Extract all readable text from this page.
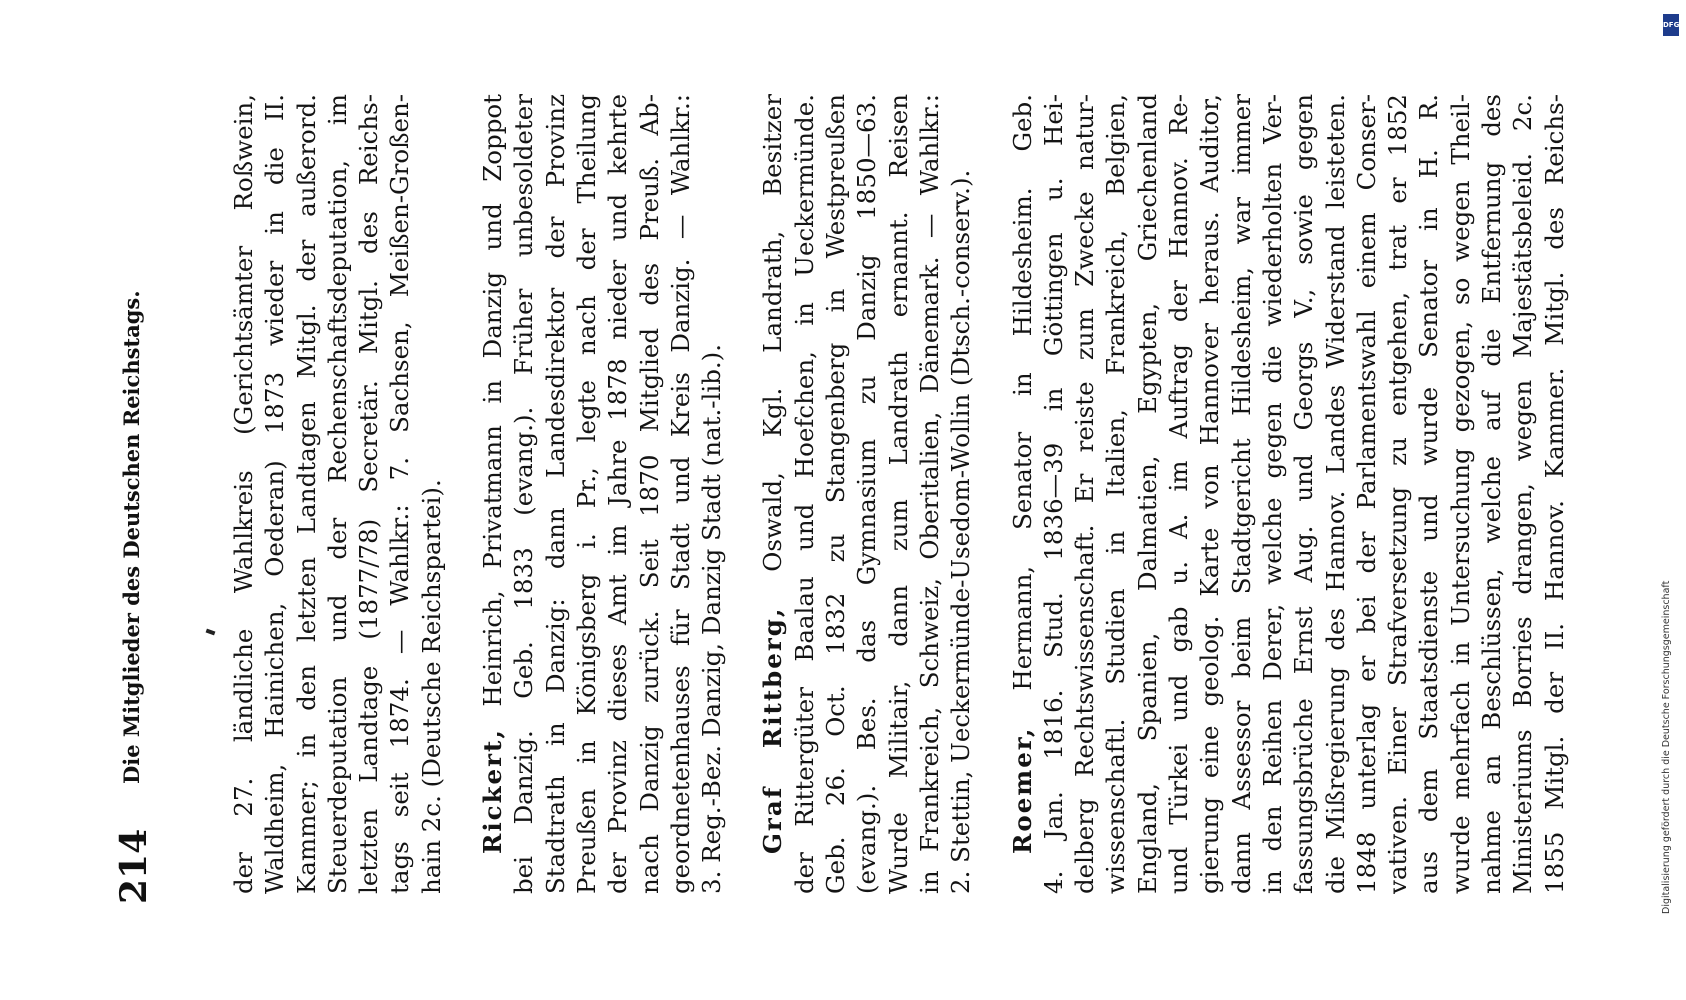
214
Die Mitglieder des Deutschen Reichstags.	der 27. ländliche Wahlkreis (Gerichtsämter Roßwein, Waldheim, Hainichen, Oederan) 1873 wieder in die II. Kammer; in den letzten Landtagen Mitgl. der außerord. Steuerdeputation und der Rechenschaftsdeputation, im letzten Landtage (1877/78) Secretär. Mitgl. des Reichs- tags seit 1874. — Wahlkr.: 7. Sachsen, Meißen-Großen- hain 2c. (Deutsche Reichspartei). Rickert, Heinrich, Privatmann in Danzig und Zoppot bei Danzig. Geb. 1833 (evang.). Früher unbesoldeter Stadtrath in Danzig: dann Landesdirektor der Provinz Preußen in Königsberg i. Pr., legte nach der Theilung der Provinz dieses Amt im Jahre 1878 nieder und kehrte nach Danzig zurück. Seit 1870 Mitglied des Preuß. Ab- geordnetenhauses für Stadt und Kreis Danzig. — Wahlkr.: 3. Reg.-Bez. Danzig, Danzig Stadt (nat.-lib.). Graf Rittberg, Oswald, Kgl. Landrath, Besitzer der Rittergüter Baalau und Hoefchen, in Ueckermünde. Geb. 26. Oct. 1832 zu Stangenberg in Westpreußen (evang.). Bes. das Gymnasium zu Danzig 1850—63. Wurde Militair, dann zum Landrath ernannt. Reisen in Frankreich, Schweiz, Oberitalien, Dänemark. — Wahlkr.: 2. Stettin, Ueckermünde-Usedom-Wollin (Dtsch.-conserv.). Roemer, Hermann, Senator in Hildesheim. Geb. 4. Jan. 1816. Stud. 1836—39 in Göttingen u. Hei- delberg Rechtswissenschaft. Er reiste zum Zwecke natur- wissenschaftl. Studien in Italien, Frankreich, Belgien, England, Spanien, Dalmatien, Egypten, Griechenland und Türkei und gab u. A. im Auftrag der Hannov. Re- gierung eine geolog. Karte von Hannover heraus. Auditor, dann Assessor beim Stadtgericht Hildesheim, war immer in den Reihen Derer, welche gegen die wiederholten Ver- fassungsbrüche Ernst Aug. und Georgs V., sowie gegen die Mißregierung des Hannov. Landes Widerstand leisteten. 1848 unterlag er bei der Parlamentswahl einem Conser- vativen. Einer Strafversetzung zu entgehen, trat er 1852 aus dem Staatsdienste und wurde Senator in H. R. wurde mehrfach in Untersuchung gezogen, so wegen Theil- nahme an Beschlüssen, welche auf die Entfernung des Ministeriums Borries drangen, wegen Majestätsbeleid. 2c. 1855 Mitgl. der II. Hannov. Kammer. Mitgl. des Reichs-	Digitalisierung gefördert durch die Deutsche Forschungsgemeinschaft
DFG
